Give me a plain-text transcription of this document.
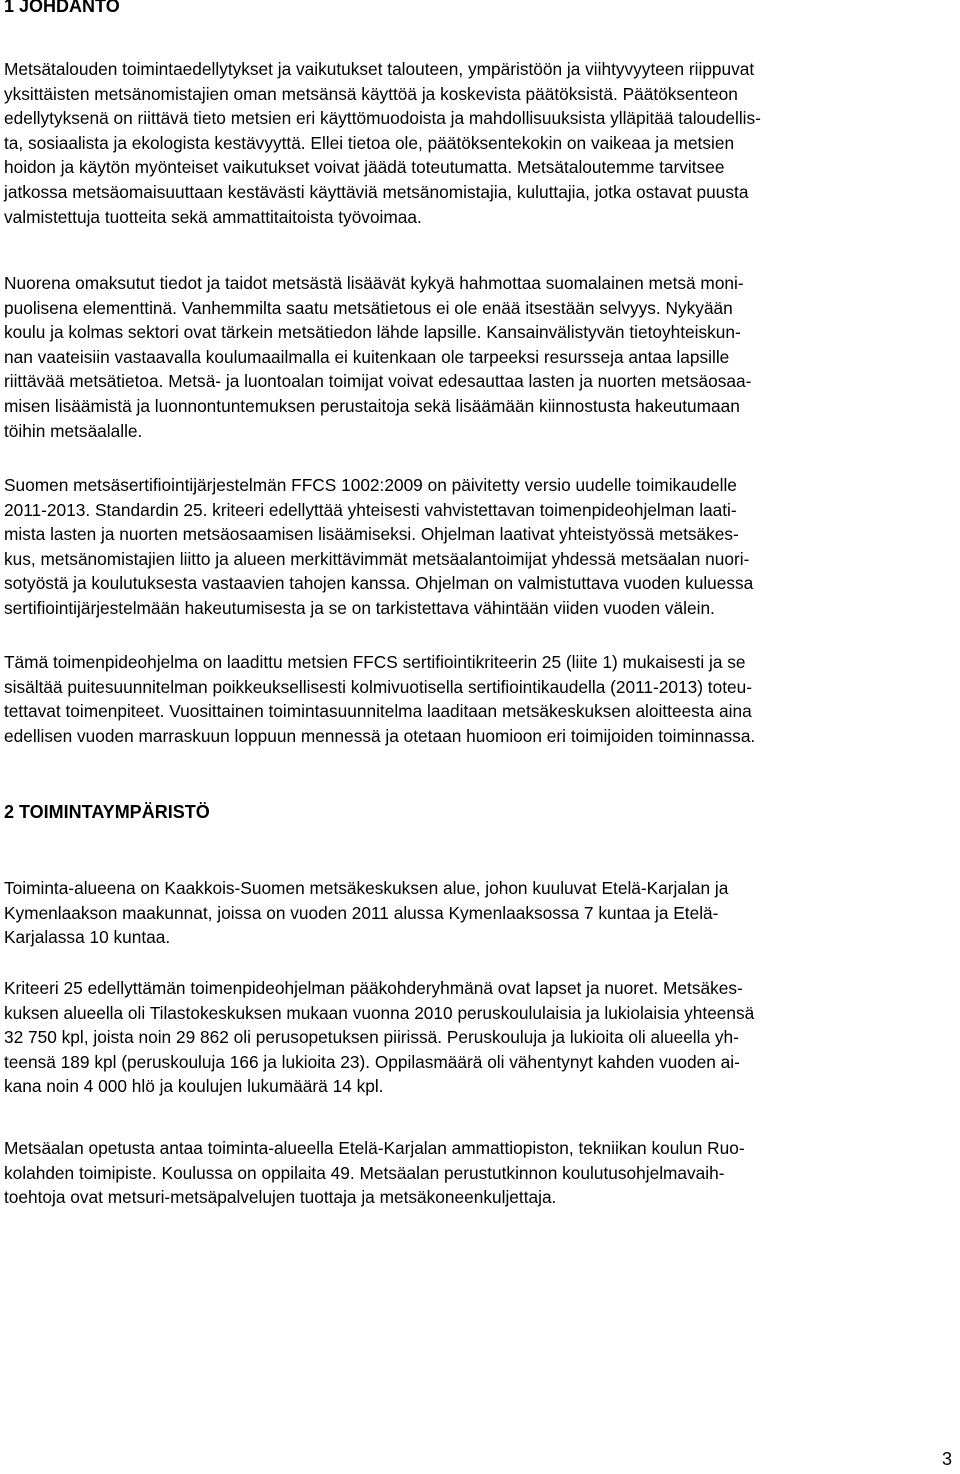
1 JOHDANTO

Metsätalouden toimintaedellytykset ja vaikutukset talouteen, ympäristöön ja viihtyvyyteen riippuvat
yksittäisten metsänomistajien oman metsänsä käyttöä ja koskevista päätöksistä. Päätöksenteon
edellytyksenä on riittävä tieto metsien eri käyttömuodoista ja mahdollisuuksista ylläpitää taloudellis-
ta, sosiaalista ja ekologista kestävyyttä. Ellei tietoa ole, päätöksentekokin on vaikeaa ja metsien
hoidon ja käytön myönteiset vaikutukset voivat jäädä toteutumatta. Metsätaloutemme tarvitsee
jatkossa metsäomaisuuttaan kestävästi käyttäviä metsänomistajia, kuluttajia, jotka ostavat puusta
valmistettuja tuotteita sekä ammattitaitoista työvoimaa.

Nuorena omaksutut tiedot ja taidot metsästä lisäävät kykyä hahmottaa suomalainen metsä moni-
puolisena elementtinä. Vanhemmilta saatu metsätietous ei ole enää itsestään selvyys. Nykyään
koulu ja kolmas sektori ovat tärkein metsätiedon lähde lapsille. Kansainvälistyvän tietoyhteiskun-
nan vaateisiin vastaavalla koulumaailmalla ei kuitenkaan ole tarpeeksi resursseja antaa lapsille
riittävää metsätietoa. Metsä- ja luontoalan toimijat voivat edesauttaa lasten ja nuorten metsäosaa-
misen lisäämistä ja luonnontuntemuksen perustaitoja sekä lisäämään kiinnostusta hakeutumaan
töihin metsäalalle.

Suomen metsäsertifiointijärjestelmän FFCS 1002:2009 on päivitetty versio uudelle toimikaudelle
2011-2013. Standardin 25. kriteeri edellyttää yhteisesti vahvistettavan toimenpideohjelman laati-
mista lasten ja nuorten metsäosaamisen lisäämiseksi. Ohjelman laativat yhteistyössä metsäkes-
kus, metsänomistajien liitto ja alueen merkittävimmät metsäalantoimijat yhdessä metsäalan nuori-
sotyöstä ja koulutuksesta vastaavien tahojen kanssa. Ohjelman on valmistuttava vuoden kuluessa
sertifiointijärjestelmään hakeutumisesta ja se on tarkistettava vähintään viiden vuoden välein.

Tämä toimenpideohjelma on laadittu metsien FFCS sertifiointikriteerin 25 (liite 1) mukaisesti ja se
sisältää puitesuunnitelman poikkeuksellisesti kolmivuotisella sertifiointikaudella (2011-2013) toteu-
tettavat toimenpiteet. Vuosittainen toimintasuunnitelma laaditaan metsäkeskuksen aloitteesta aina
edellisen vuoden marraskuun loppuun mennessä ja otetaan huomioon eri toimijoiden toiminnassa.

2 TOIMINTAYMPÄRISTÖ

Toiminta-alueena on Kaakkois-Suomen metsäkeskuksen alue, johon kuuluvat Etelä-Karjalan ja
Kymenlaakson maakunnat, joissa on vuoden 2011 alussa Kymenlaaksossa 7 kuntaa ja Etelä-
Karjalassa 10 kuntaa.

Kriteeri 25 edellyttämän toimenpideohjelman pääkohderyhmänä ovat lapset ja nuoret. Metsäkes-
kuksen alueella oli Tilastokeskuksen mukaan vuonna 2010 peruskoululaisia ja lukiolaisia yhteensä
32 750 kpl, joista noin 29 862 oli perusopetuksen piirissä. Peruskouluja ja lukioita oli alueella yh-
teensä 189 kpl (peruskouluja 166 ja lukioita 23). Oppilasmäärä oli vähentynyt kahden vuoden ai-
kana noin 4 000 hlö ja koulujen lukumäärä 14 kpl.

Metsäalan opetusta antaa toiminta-alueella Etelä-Karjalan ammattiopiston, tekniikan koulun Ruo-
kolahden toimipiste. Koulussa on oppilaita 49. Metsäalan perustutkinnon koulutusohjelmavaih-
toehtoja ovat metsuri-metsäpalvelujen tuottaja ja metsäkoneenkuljettaja.

3
